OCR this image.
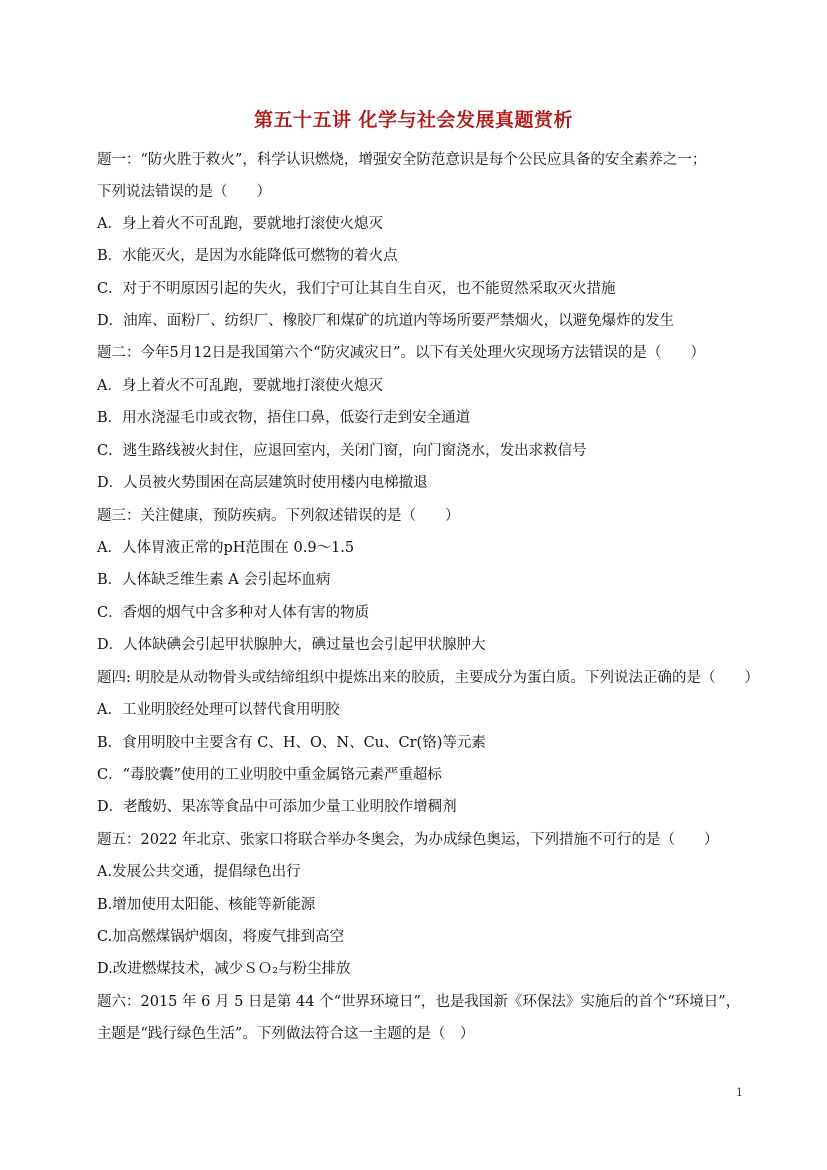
第五十五讲 化学与社会发展真题赏析
题一：“防火胜于救火”，科学认识燃烧，增强安全防范意识是每个公民应具备的安全素养之一；
下列说法错误的是（　　）
A．身上着火不可乱跑，要就地打滚使火熄灭
B．水能灭火，是因为水能降低可燃物的着火点
C．对于不明原因引起的失火，我们宁可让其自生自灭，也不能贸然采取灭火措施
D．油库、面粉厂、纺织厂、橡胶厂和煤矿的坑道内等场所要严禁烟火，以避免爆炸的发生
题二：今年5月12日是我国第六个“防灾减灾日”。以下有关处理火灾现场方法错误的是（　　）
A．身上着火不可乱跑，要就地打滚使火熄灭
B．用水浇湿毛巾或衣物，捂住口鼻，低姿行走到安全通道
C．逃生路线被火封住，应退回室内，关闭门窗，向门窗浇水，发出求救信号
D．人员被火势围困在高层建筑时使用楼内电梯撤退
题三：关注健康，预防疾病。下列叙述错误的是（　　）
A．人体胃液正常的pH范围在 0.9～1.5
B．人体缺乏维生素 A 会引起坏血病
C．香烟的烟气中含多种对人体有害的物质
D．人体缺碘会引起甲状腺肿大，碘过量也会引起甲状腺肿大
题四: 明胶是从动物骨头或结缔组织中提炼出来的胶质，主要成分为蛋白质。下列说法正确的是（　　）
A．工业明胶经处理可以替代食用明胶
B．食用明胶中主要含有 C、H、O、N、Cu、Cr(铬)等元素
C．“毒胶囊”使用的工业明胶中重金属铬元素严重超标
D．老酸奶、果冻等食品中可添加少量工业明胶作增稠剂
题五：2022 年北京、张家口将联合举办冬奥会，为办成绿色奥运，下列措施不可行的是（　　）
A.发展公共交通，提倡绿色出行
B.增加使用太阳能、核能等新能源
C.加高燃煤锅炉烟囱，将废气排到高空
D.改进燃煤技术，减少ＳＯ₂与粉尘排放
题六：2015 年 6 月 5 日是第 44 个“世界环境日”，也是我国新《环保法》实施后的首个“环境日”，
主题是“践行绿色生活”。下列做法符合这一主题的是（　）
1
